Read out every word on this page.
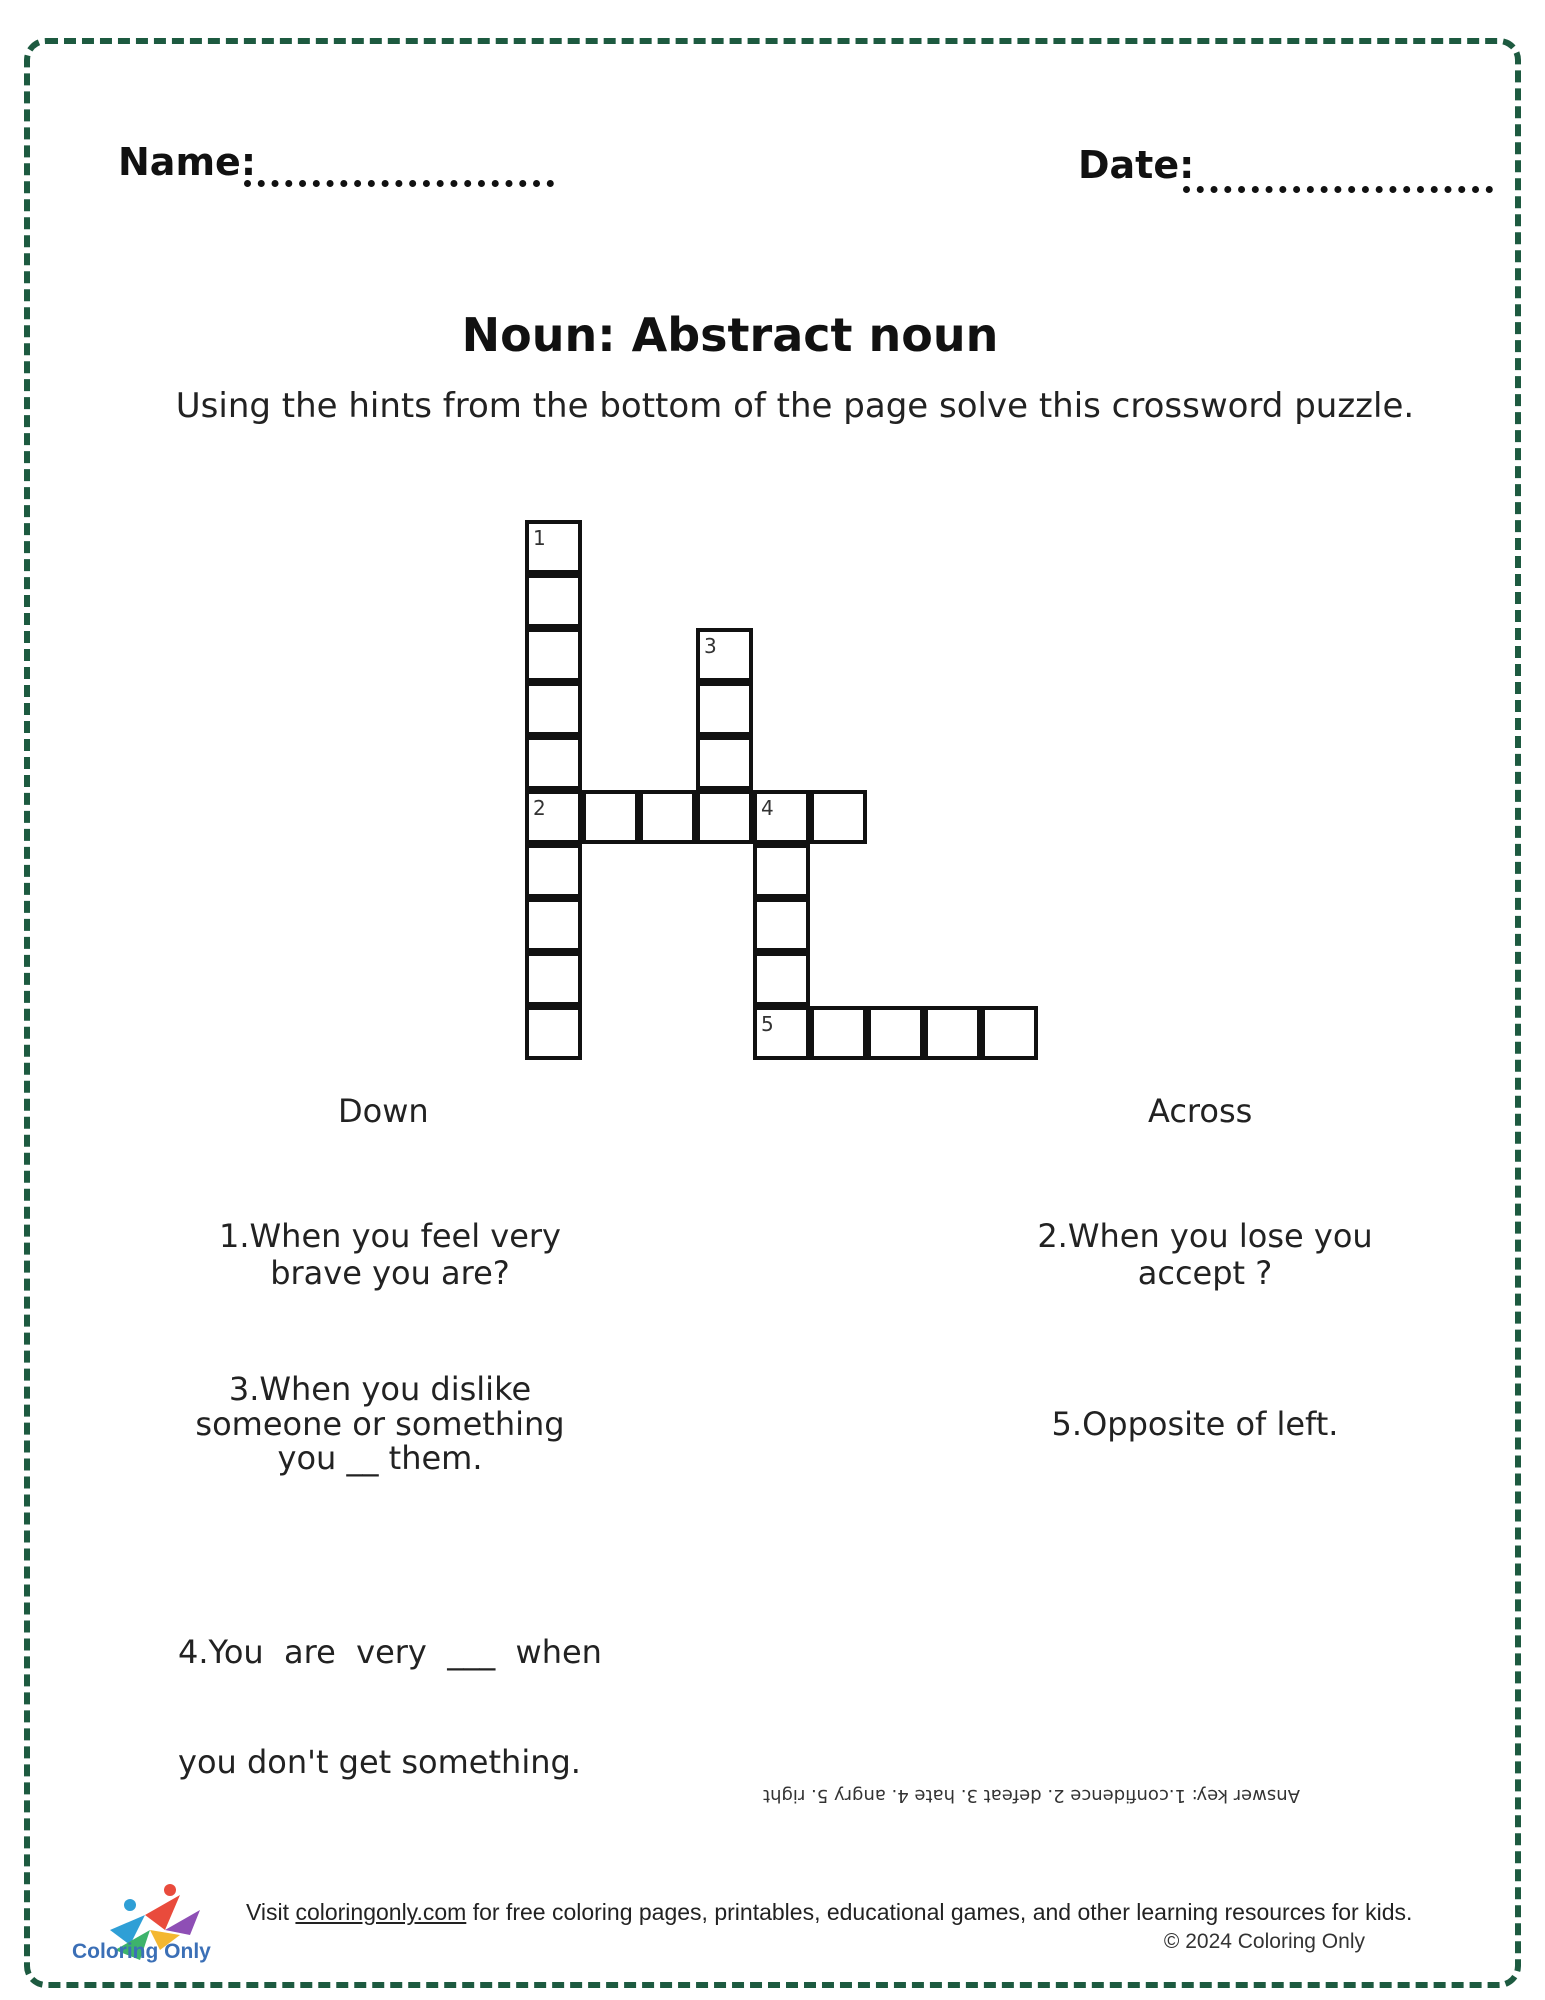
Name:	Date:
Noun: Abstract noun
Using the hints from the bottom of the page solve this crossword puzzle.
1
2	4
3
5
Down	Across
1.When you feel very
brave you are?
3.When you dislike
someone or something
you __ them.

4.You  are  very  ___  when

you don't get something.

2.When you lose you
accept ?
5.Opposite of left.
Answer key: 1.confidence 2. defeat 3. hate 4. angry 5. right
Coloring Only
Visit coloringonly.com for free coloring pages, printables, educational games, and other learning resources for kids.
© 2024 Coloring Only
